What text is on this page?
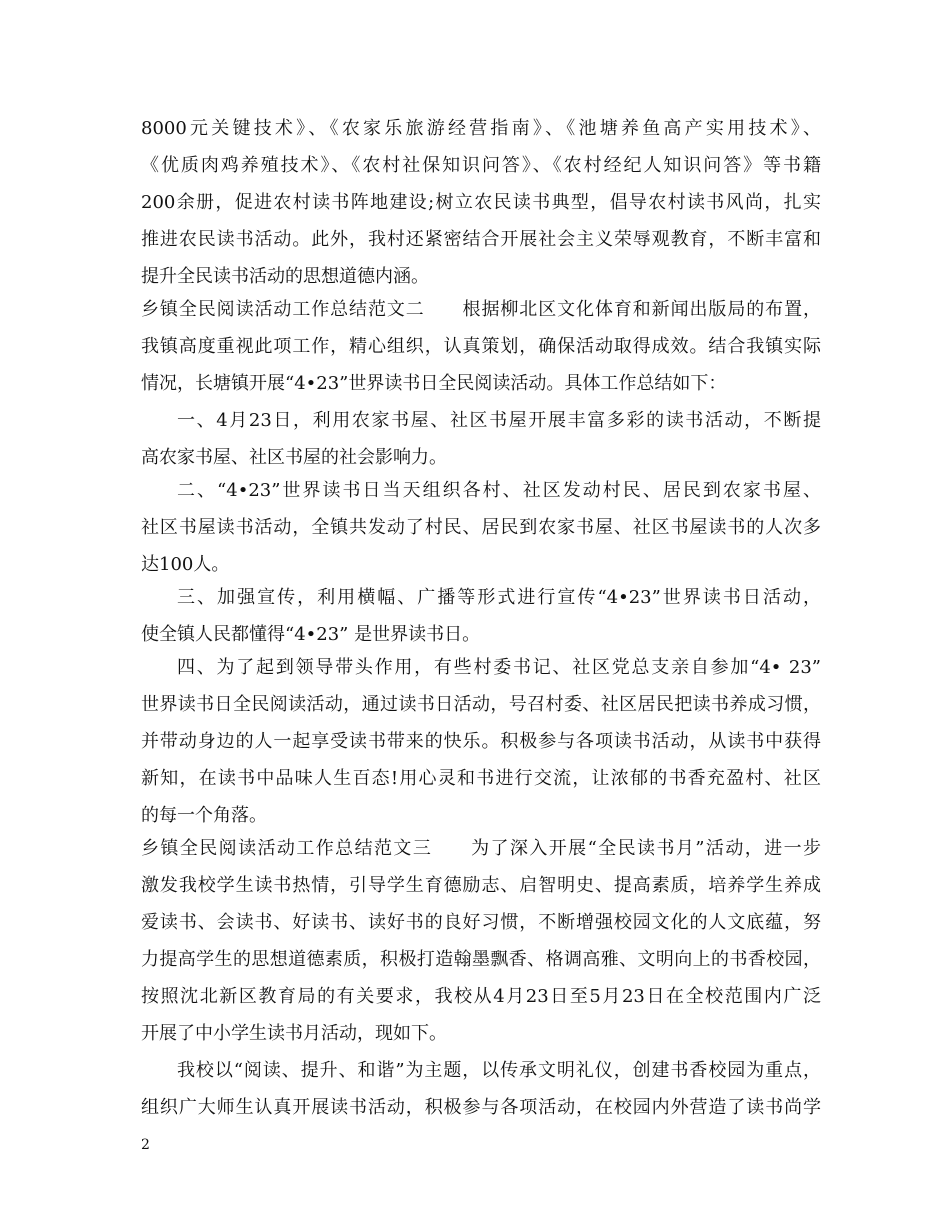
8000元关键技术》、《农家乐旅游经营指南》、《池塘养鱼高产实用技术》、
《优质肉鸡养殖技术》、《农村社保知识问答》、《农村经纪人知识问答》等书籍
200余册，促进农村读书阵地建设;树立农民读书典型，倡导农村读书风尚，扎实
推进农民读书活动。此外，我村还紧密结合开展社会主义荣辱观教育，不断丰富和
提升全民读书活动的思想道德内涵。
乡镇全民阅读活动工作总结范文二　　根据柳北区文化体育和新闻出版局的布置，
我镇高度重视此项工作，精心组织，认真策划，确保活动取得成效。结合我镇实际
情况，长塘镇开展“4•23”世界读书日全民阅读活动。具体工作总结如下：
一、4月23日，利用农家书屋、社区书屋开展丰富多彩的读书活动，不断提
高农家书屋、社区书屋的社会影响力。
二、“4•23”世界读书日当天组织各村、社区发动村民、居民到农家书屋、
社区书屋读书活动，全镇共发动了村民、居民到农家书屋、社区书屋读书的人次多
达100人。
三、加强宣传，利用横幅、广播等形式进行宣传“4•23”世界读书日活动，
使全镇人民都懂得“4•23” 是世界读书日。
四、为了起到领导带头作用，有些村委书记、社区党总支亲自参加“4• 23”
世界读书日全民阅读活动，通过读书日活动，号召村委、社区居民把读书养成习惯，
并带动身边的人一起享受读书带来的快乐。积极参与各项读书活动，从读书中获得
新知，在读书中品味人生百态!用心灵和书进行交流，让浓郁的书香充盈村、社区
的每一个角落。
乡镇全民阅读活动工作总结范文三　　为了深入开展“全民读书月”活动，进一步
激发我校学生读书热情，引导学生育德励志、启智明史、提高素质，培养学生养成
爱读书、会读书、好读书、读好书的良好习惯，不断增强校园文化的人文底蕴，努
力提高学生的思想道德素质，积极打造翰墨飘香、格调高雅、文明向上的书香校园，
按照沈北新区教育局的有关要求，我校从4月23日至5月23日在全校范围内广泛
开展了中小学生读书月活动，现如下。
我校以“阅读、提升、和谐”为主题，以传承文明礼仪，创建书香校园为重点，
组织广大师生认真开展读书活动，积极参与各项活动，在校园内外营造了读书尚学
2
